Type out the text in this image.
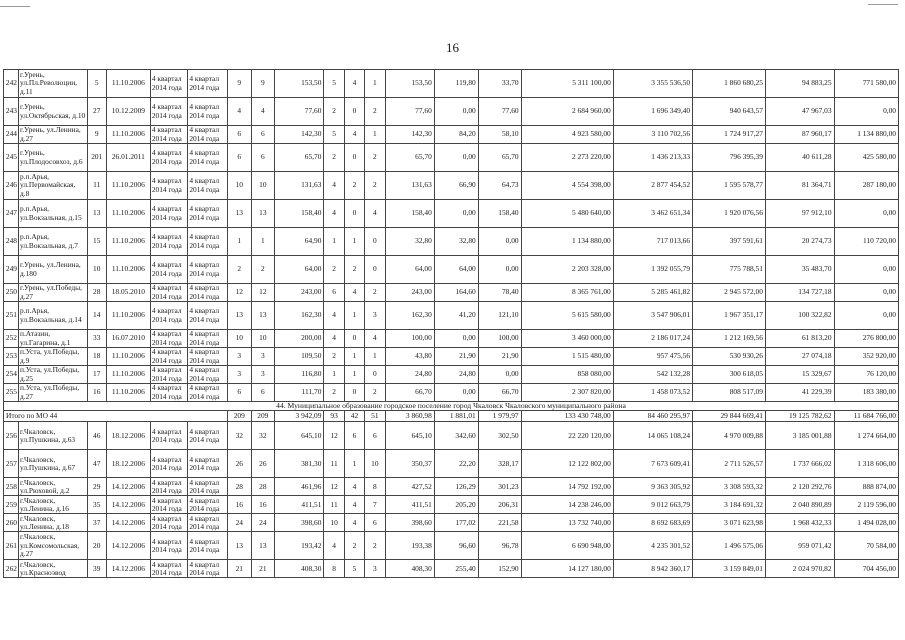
16
242	г.Урень, ул.Пл.Революции, д.11	5	11.10.2006	4 квартал 2014 года	4 квартал 2014 года	9	9	153,50	5	4	1	153,50	119,80	33,70	5 311 100,00	3 355 536,50	1 860 680,25	94 883,25	771 580,00
243	г.Урень, ул.Октябрьская, д.10	27	10.12.2009	4 квартал 2014 года	4 квартал 2014 года	4	4	77,60	2	0	2	77,60	0,00	77,60	2 684 960,00	1 696 349,40	940 643,57	47 967,03	0,00
244	г.Урень, ул.Ленина, д.27	9	11.10.2006	4 квартал 2014 года	4 квартал 2014 года	6	6	142,30	5	4	1	142,30	84,20	58,10	4 923 580,00	3 110 702,56	1 724 917,27	87 960,17	1 134 880,00
245	г.Урень, ул.Плодосовхоз, д.6	201	26.01.2011	4 квартал 2014 года	4 квартал 2014 года	6	6	65,70	2	0	2	65,70	0,00	65,70	2 273 220,00	1 436 213,33	796 395,39	40 611,28	425 580,00
246	р.п.Арья, ул.Первомайская, д.8	11	11.10.2006	4 квартал 2014 года	4 квартал 2014 года	10	10	131,63	4	2	2	131,63	66,90	64,73	4 554 398,00	2 877 454,52	1 595 578,77	81 364,71	287 180,00
247	р.п.Арья, ул.Вокзальная, д.15	13	11.10.2006	4 квартал 2014 года	4 квартал 2014 года	13	13	158,40	4	0	4	158,40	0,00	158,40	5 480 640,00	3 462 651,34	1 920 076,56	97 912,10	0,00
248	р.п.Арья, ул.Вокзальная, д.7	15	11.10.2006	4 квартал 2014 года	4 квартал 2014 года	1	1	64,90	1	1	0	32,80	32,80	0,00	1 134 880,00	717 013,66	397 591,61	20 274,73	110 720,00
249	г.Урень, ул.Ленина, д.180	10	11.10.2006	4 квартал 2014 года	4 квартал 2014 года	2	2	64,00	2	2	0	64,00	64,00	0,00	2 203 328,00	1 392 055,79	775 788,51	35 483,70	0,00
250	г.Урень, ул.Победы, д.27	28	18.05.2010	4 квартал 2014 года	4 квартал 2014 года	12	12	243,00	6	4	2	243,00	164,60	78,40	8 365 761,00	5 285 461,82	2 945 572,00	134 727,18	0,00
251	р.п.Арья, ул.Вокзальная, д.14	14	11.10.2006	4 квартал 2014 года	4 квартал 2014 года	13	13	162,30	4	1	3	162,30	41,20	121,10	5 615 580,00	3 547 906,01	1 967 351,17	100 322,82	0,00
252	п.Атазин, ул.Гагарина, д.1	33	16.07.2010	4 квартал 2014 года	4 квартал 2014 года	10	10	200,00	4	0	4	100,00	0,00	100,00	3 460 000,00	2 186 017,24	1 212 169,56	61 813,20	276 800,00
253	п.Уста, ул.Победы, д.9	18	11.10.2006	4 квартал 2014 года	4 квартал 2014 года	3	3	109,50	2	1	1	43,80	21,90	21,90	1 515 480,00	957 475,56	530 930,26	27 074,18	352 920,00
254	п.Уста, ул.Победы, д.25	17	11.10.2006	4 квартал 2014 года	4 квартал 2014 года	3	3	116,80	1	1	0	24,80	24,80	0,00	858 080,00	542 132,28	300 618,05	15 329,67	76 120,00
255	п.Уста, ул.Победы, д.27	16	11.10.2006	4 квартал 2014 года	4 квартал 2014 года	6	6	111,70	2	0	2	66,70	0,00	66,70	2 307 820,00	1 458 073,52	808 517,09	41 229,39	183 380,00
44. Муниципальное образование городское поселение город Чкаловск Чкаловского муниципального района																			
Итого по МО 44						209	209	3 942,09	93	42	51	3 860,98	1 881,01	1 979,97	133 430 748,00	84 460 295,97	29 844 669,41	19 125 782,62	11 684 766,00
256	г.Чкаловск, ул.Пушкина, д.63	46	18.12.2006	4 квартал 2014 года	4 квартал 2014 года	32	32	645,10	12	6	6	645,10	342,60	302,50	22 220 120,00	14 065 108,24	4 970 009,88	3 185 001,88	1 274 664,00
257	г.Чкаловск, ул.Пушкина, д.67	47	18.12.2006	4 квартал 2014 года	4 квартал 2014 года	26	26	381,30	11	1	10	350,37	22,20	328,17	12 122 802,00	7 673 609,41	2 711 526,57	1 737 666,02	1 318 606,00
258	г.Чкаловск, ул.Рюховой, д.2	29	14.12.2006	4 квартал 2014 года	4 квартал 2014 года	28	28	461,96	12	4	8	427,52	126,29	301,23	14 792 192,00	9 363 305,92	3 308 593,32	2 120 292,76	888 874,00
259	г.Чкаловск, ул.Ленина, д.16	35	14.12.2006	4 квартал 2014 года	4 квартал 2014 года	16	16	411,51	11	4	7	411,51	205,20	206,31	14 238 246,00	9 012 663,79	3 184 691,32	2 040 890,89	2 119 596,00
260	г.Чкаловск, ул.Ленина, д.18	37	14.12.2006	4 квартал 2014 года	4 квартал 2014 года	24	24	398,60	10	4	6	398,60	177,02	221,58	13 732 740,00	8 692 683,69	3 071 623,98	1 968 432,33	1 494 028,00
261	г.Чкаловск, ул.Комсомольская, д.27	20	14.12.2006	4 квартал 2014 года	4 квартал 2014 года	13	13	193,42	4	2	2	193,38	96,60	96,78	6 690 948,00	4 235 301,52	1 496 575,06	959 071,42	70 584,00
262	г.Чкаловск, ул.Красноэвод	39	14.12.2006	4 квартал 2014 года	4 квартал 2014 года	21	21	408,30	8	5	3	408,30	255,40	152,90	14 127 180,00	8 942 360,17	3 159 849,01	2 024 970,82	704 456,00
